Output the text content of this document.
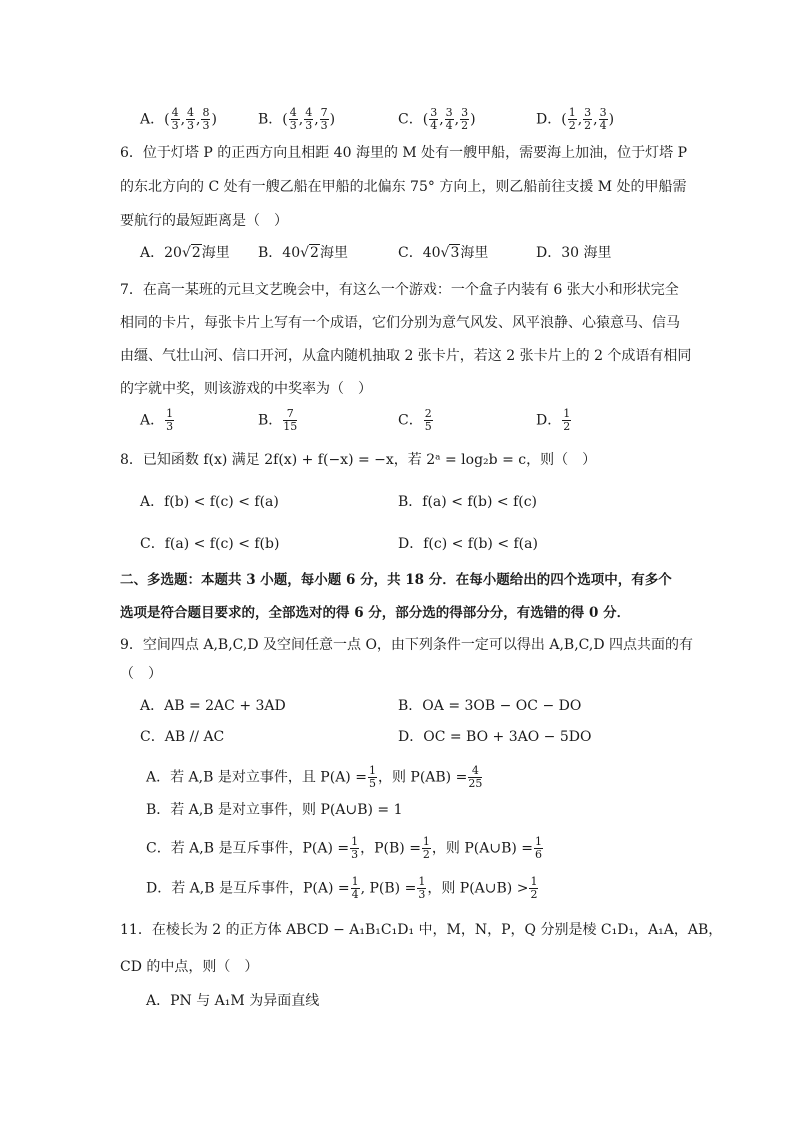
A．( $\frac{4}{3}$ , $\frac{4}{3}$ , $\frac{8}{3}$ )	B．( $\frac{4}{3}$ , $\frac{4}{3}$ , $\frac{7}{3}$ )	C．( $\frac{3}{4}$ , $\frac{3}{4}$ , $\frac{3}{2}$ )	D．( $\frac{1}{2}$ , $\frac{3}{2}$ , $\frac{3}{4}$ )
6．位于灯塔 P 的正西方向且相距 40 海里的 M 处有一艘甲船，需要海上加油，位于灯塔 P
的东北方向的 C 处有一艘乙船在甲船的北偏东 75° 方向上，则乙船前往支援 M 处的甲船需
要航行的最短距离是（　）
A．20√2海里 B．40√2海里	C．40√3海里	D．30 海里
7．在高一某班的元旦文艺晚会中，有这么一个游戏：一个盒子内装有 6 张大小和形状完全
相同的卡片，每张卡片上写有一个成语，它们分别为意气风发、风平浪静、心猿意马、信马
由缰、气壮山河、信口开河，从盒内随机抽取 2 张卡片，若这 2 张卡片上的 2 个成语有相同
的字就中奖，则该游戏的中奖率为（　）
A． $\frac{1}{3}$	B． $\frac{7}{15}$	C． $\frac{2}{5}$	D． $\frac{1}{2}$
8．已知函数 f(x) 满足 2f(x) + f(−x) = −x，若 2ᵃ = log₂b = c，则（　）
A．f(b) < f(c) < f(a)	B．f(a) < f(b) < f(c)
C．f(a) < f(c) < f(b)	D．f(c) < f(b) < f(a)
二、多选题：本题共 3 小题，每小题 6 分，共 18 分．在每小题给出的四个选项中，有多个
选项是符合题目要求的，全部选对的得 6 分，部分选的得部分分，有选错的得 0 分．
9．空间四点 A,B,C,D 及空间任意一点 O，由下列条件一定可以得出 A,B,C,D 四点共面的有
（　）
A．AB = 2AC + 3AD	B．OA = 3OB − OC − DO
C．AB // AC	D．OC = BO + 3AO − 5DO
A．若 A,B 是对立事件，且 $P(A) = \frac{1}{5}$ ，则 $P(AB) = \frac{4}{25}$
B．若 A,B 是对立事件，则 P(A∪B) = 1
C．若 A,B 是互斥事件，$P(A) = \frac{1}{3}$ ，$P(B) = \frac{1}{2}$ ，则 P(A∪B) = $\frac{1}{6}$
D．若 A,B 是互斥事件，$P(A) = \frac{1}{4}$ , $P(B) = \frac{1}{3}$ ，则 P(A∪B) > $\frac{1}{2}$
11．在棱长为 2 的正方体 ABCD − A₁B₁C₁D₁ 中，M，N，P，Q 分别是棱 C₁D₁，A₁A，AB，
CD 的中点，则（　）
A．PN 与 A₁M 为异面直线
